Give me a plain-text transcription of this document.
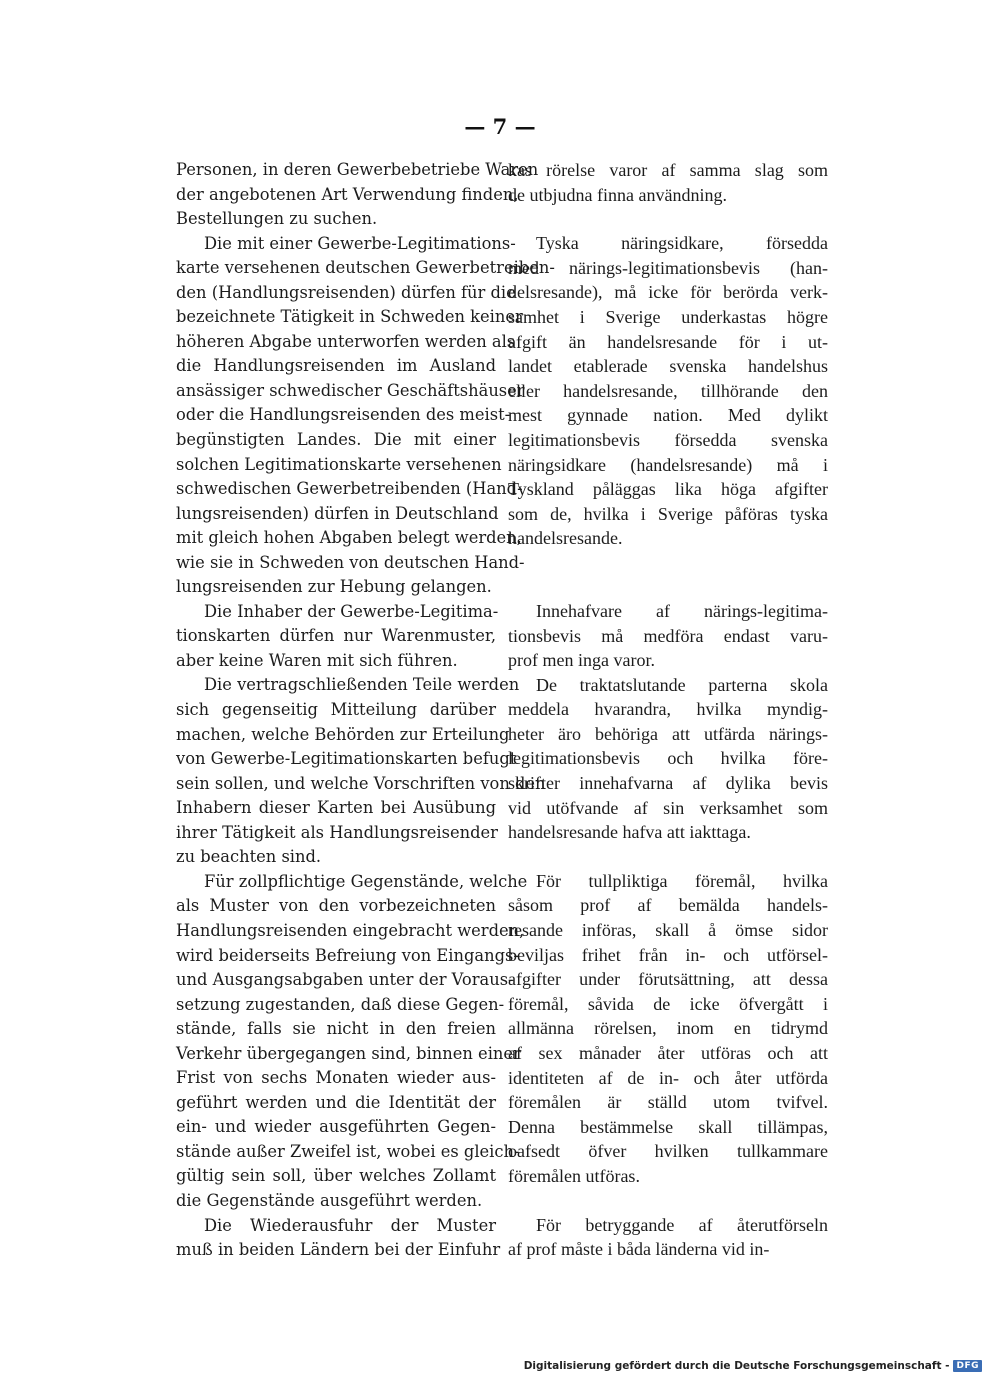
— 7 —
Personen, in deren Gewerbebetriebe Waren
der angebotenen Art Verwendung finden,
Bestellungen zu suchen.
Die mit einer Gewerbe-Legitimations-
karte versehenen deutschen Gewerbetreiben-
den (Handlungsreisenden) dürfen für die
bezeichnete Tätigkeit in Schweden keiner
höheren Abgabe unterworfen werden als
die Handlungsreisenden im Ausland
ansässiger schwedischer Geschäftshäuser
oder die Handlungsreisenden des meist-
begünstigten Landes. Die mit einer
solchen Legitimationskarte versehenen
schwedischen Gewerbetreibenden (Hand-
lungsreisenden) dürfen in Deutschland
mit gleich hohen Abgaben belegt werden,
wie sie in Schweden von deutschen Hand-
lungsreisenden zur Hebung gelangen.
Die Inhaber der Gewerbe-Legitima-
tionskarten dürfen nur Warenmuster,
aber keine Waren mit sich führen.
Die vertragschließenden Teile werden
sich gegenseitig Mitteilung darüber
machen, welche Behörden zur Erteilung
von Gewerbe-Legitimationskarten befugt
sein sollen, und welche Vorschriften von den
Inhabern dieser Karten bei Ausübung
ihrer Tätigkeit als Handlungsreisender
zu beachten sind.
Für zollpflichtige Gegenstände, welche
als Muster von den vorbezeichneten
Handlungsreisenden eingebracht werden,
wird beiderseits Befreiung von Eingangs-
und Ausgangsabgaben unter der Voraus-
setzung zugestanden, daß diese Gegen-
stände, falls sie nicht in den freien
Verkehr übergegangen sind, binnen einer
Frist von sechs Monaten wieder aus-
geführt werden und die Identität der
ein- und wieder ausgeführten Gegen-
stände außer Zweifel ist, wobei es gleich-
gültig sein soll, über welches Zollamt
die Gegenstände ausgeführt werden.
Die Wiederausfuhr der Muster
muß in beiden Ländern bei der Einfuhr
kas rörelse varor af samma slag som
de utbjudna finna användning.
Tyska näringsidkare, försedda
med närings-legitimationsbevis (han-
delsresande), må icke för berörda verk-
samhet i Sverige underkastas högre
afgift än handelsresande för i ut-
landet etablerade svenska handelshus
eller handelsresande, tillhörande den
mest gynnade nation. Med dylikt
legitimationsbevis försedda svenska
näringsidkare (handelsresande) må i
Tyskland påläggas lika höga afgifter
som de, hvilka i Sverige påföras tyska
handelsresande.
Innehafvare af närings-legitima-
tionsbevis må medföra endast varu-
prof men inga varor.
De traktatslutande parterna skola
meddela hvarandra, hvilka myndig-
heter äro behöriga att utfärda närings-
legitimationsbevis och hvilka före-
skrifter innehafvarna af dylika bevis
vid utöfvande af sin verksamhet som
handelsresande hafva att iakttaga.
För tullpliktiga föremål, hvilka
såsom prof af bemälda handels-
resande införas, skall å ömse sidor
beviljas frihet från in- och utförsel-
afgifter under förutsättning, att dessa
föremål, såvida de icke öfvergått i
allmänna rörelsen, inom en tidrymd
af sex månader åter utföras och att
identiteten af de in- och åter utförda
föremålen är ställd utom tvifvel.
Denna bestämmelse skall tillämpas,
oafsedt öfver hvilken tullkammare
föremålen utföras.
För betryggande af återutförseln
af prof måste i båda länderna vid in-
Digitalisierung gefördert durch die Deutsche Forschungsgemeinschaft - DFG
